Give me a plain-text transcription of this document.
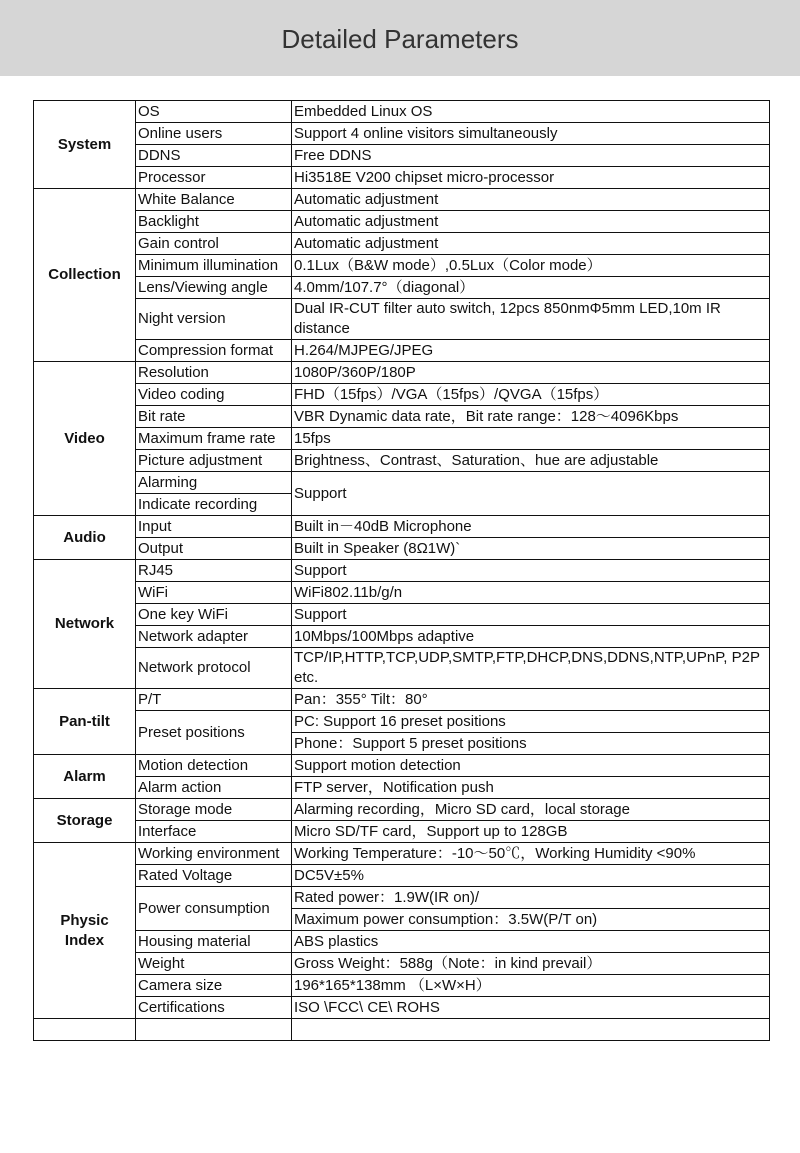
Detailed Parameters
System	OS	Embedded Linux OS
	Online users	Support 4 online visitors simultaneously
	DDNS	Free DDNS
	Processor	Hi3518E V200 chipset micro-processor
Collection	White Balance	Automatic adjustment
	Backlight	Automatic adjustment
	Gain control	Automatic adjustment
	Minimum illumination	0.1Lux（B&W mode）,0.5Lux（Color mode）
	Lens/Viewing angle	4.0mm/107.7°（diagonal）
	Night version	Dual IR-CUT filter auto switch, 12pcs 850nmΦ5mm LED,10m IR distance
	Compression format	H.264/MJPEG/JPEG
Video	Resolution	1080P/360P/180P
	Video coding	FHD（15fps）/VGA（15fps）/QVGA（15fps）
	Bit rate	VBR Dynamic data rate，Bit rate range：128～4096Kbps
	Maximum frame rate	15fps
	Picture adjustment	Brightness、Contrast、Saturation、hue are adjustable
	Alarming	Support
	Indicate recording	
Audio	Input	Built in－40dB Microphone
	Output	Built in Speaker (8Ω1W)`
Network	RJ45	Support
	WiFi	WiFi802.11b/g/n
	One key WiFi	Support
	Network adapter	10Mbps/100Mbps adaptive
	Network protocol	TCP/IP,HTTP,TCP,UDP,SMTP,FTP,DHCP,DNS,DDNS,NTP,UPnP, P2P etc.
Pan-tilt	P/T	Pan：355° Tilt：80°
	Preset positions	PC: Support 16 preset positions
		Phone：Support 5 preset positions
Alarm	Motion detection	Support motion detection
	Alarm action	FTP server，Notification push
Storage	Storage mode	Alarming recording，Micro SD card，local storage
	Interface	Micro SD/TF card，Support up to 128GB
Physic
Index	Working environment	Working Temperature：-10～50℃，Working Humidity <90%
	Rated Voltage	DC5V±5%
	Power consumption	Rated power：1.9W(IR on)/
		Maximum power consumption：3.5W(P/T on)
	Housing material	ABS plastics
	Weight	Gross Weight：588g（Note：in kind prevail）
	Camera size	196*165*138mm （L×W×H）
	Certifications	ISO \FCC\ CE\ ROHS
